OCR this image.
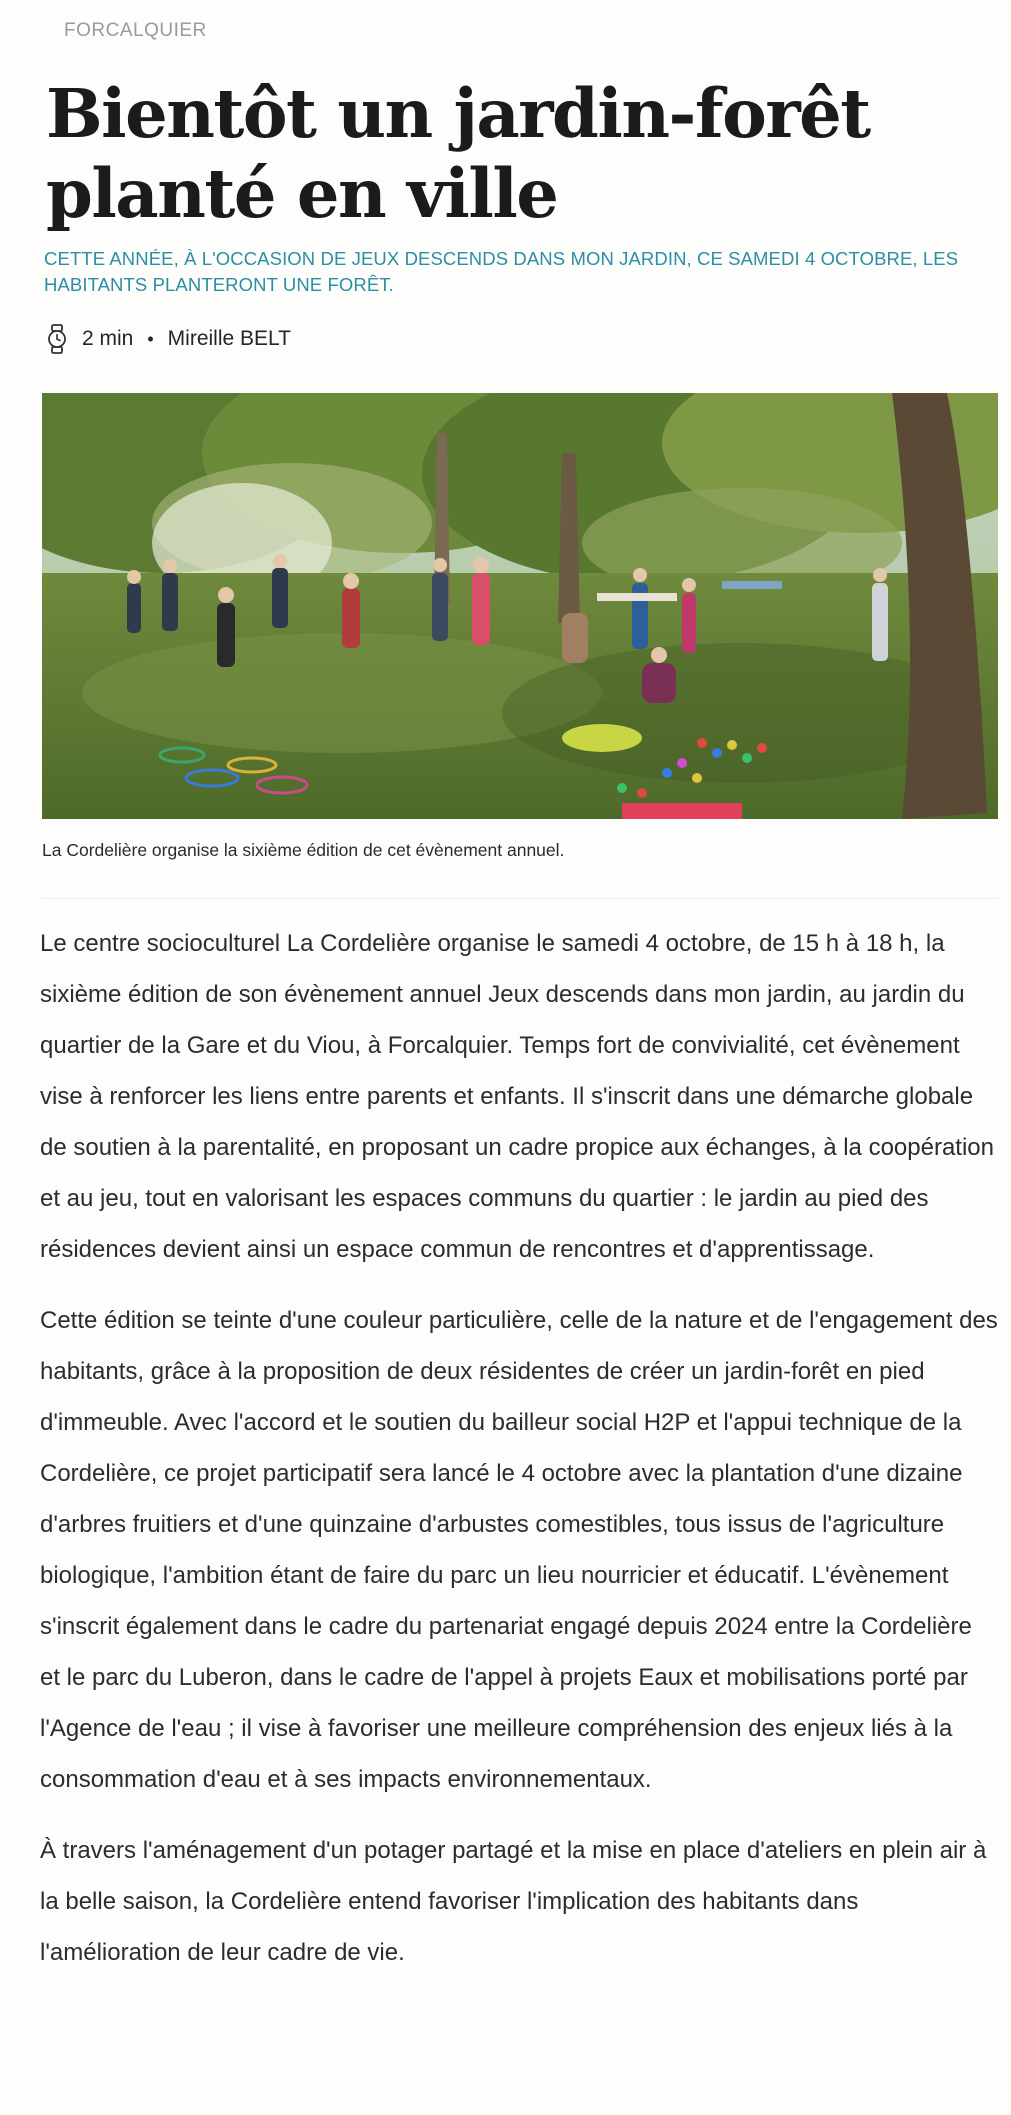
FORCALQUIER
Bientôt un jardin-forêt planté en ville
CETTE ANNÉE, À L'OCCASION DE JEUX DESCENDS DANS MON JARDIN, CE SAMEDI 4 OCTOBRE, LES HABITANTS PLANTERONT UNE FORÊT.
2 min • Mireille BELT
La Cordelière organise la sixième édition de cet évènement annuel.

Le centre socioculturel La Cordelière organise le samedi 4 octobre, de 15 h à 18 h, la sixième édition de son évènement annuel Jeux descends dans mon jardin, au jardin du quartier de la Gare et du Viou, à Forcalquier. Temps fort de convivialité, cet évènement vise à renforcer les liens entre parents et enfants. Il s'inscrit dans une démarche globale de soutien à la parentalité, en proposant un cadre propice aux échanges, à la coopération et au jeu, tout en valorisant les espaces communs du quartier : le jardin au pied des résidences devient ainsi un espace commun de rencontres et d'apprentissage.

Cette édition se teinte d'une couleur particulière, celle de la nature et de l'engagement des habitants, grâce à la proposition de deux résidentes de créer un jardin-forêt en pied d'immeuble. Avec l'accord et le soutien du bailleur social H2P et l'appui technique de la Cordelière, ce projet participatif sera lancé le 4 octobre avec la plantation d'une dizaine d'arbres fruitiers et d'une quinzaine d'arbustes comestibles, tous issus de l'agriculture biologique, l'ambition étant de faire du parc un lieu nourricier et éducatif. L'évènement s'inscrit également dans le cadre du partenariat engagé depuis 2024 entre la Cordelière et le parc du Luberon, dans le cadre de l'appel à projets Eaux et mobilisations porté par l'Agence de l'eau ; il vise à favoriser une meilleure compréhension des enjeux liés à la consommation d'eau et à ses impacts environnementaux.

À travers l'aménagement d'un potager partagé et la mise en place d'ateliers en plein air à la belle saison, la Cordelière entend favoriser l'implication des habitants dans l'amélioration de leur cadre de vie.
